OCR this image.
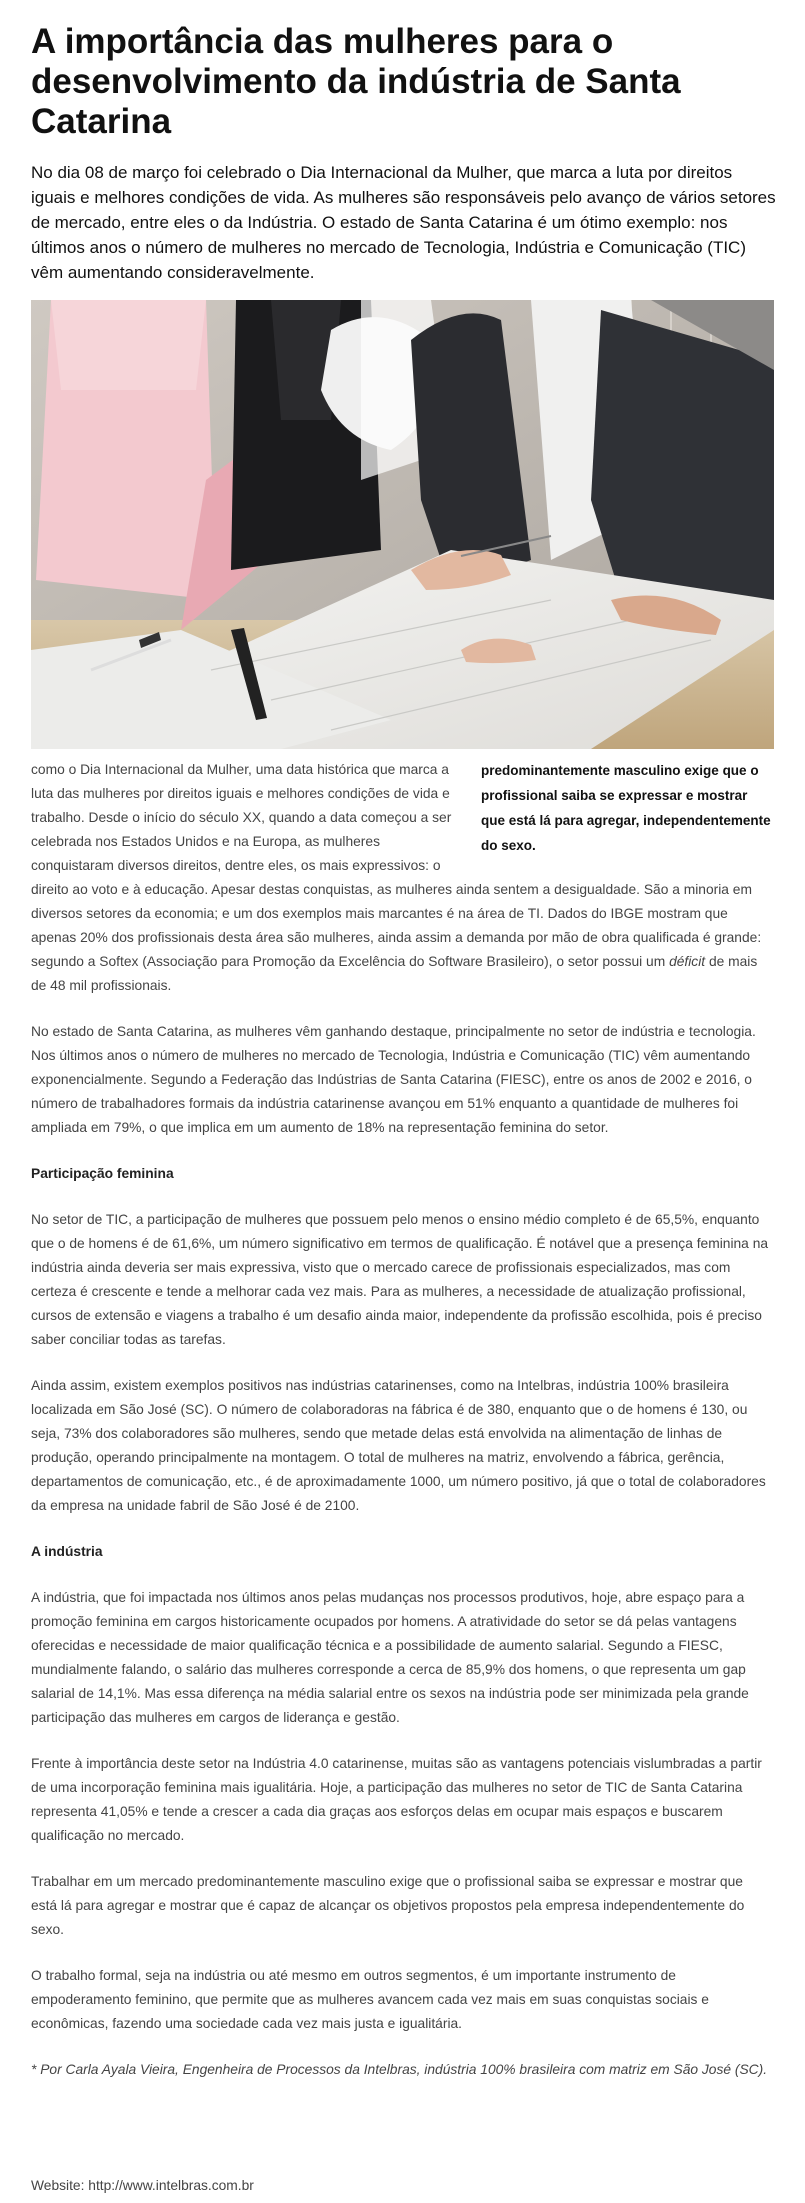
A importância das mulheres para o desenvolvimento da indústria de Santa Catarina

No dia 08 de março foi celebrado o Dia Internacional da Mulher, que marca a luta por direitos iguais e melhores condições de vida. As mulheres são responsáveis pelo avanço de vários setores de mercado, entre eles o da Indústria. O estado de Santa Catarina é um ótimo exemplo: nos últimos anos o número de mulheres no mercado de Tecnologia, Indústria e Comunicação (TIC) vêm aumentando consideravelmente.

predominantemente masculino exige que o profissional saiba se expressar e mostrar que está lá para agregar, independentemente do sexo.

como o Dia Internacional da Mulher, uma data histórica que marca a luta das mulheres por direitos iguais e melhores condições de vida e trabalho. Desde o início do século XX, quando a data começou a ser celebrada nos Estados Unidos e na Europa, as mulheres conquistaram diversos direitos, dentre eles, os mais expressivos: o direito ao voto e à educação. Apesar destas conquistas, as mulheres ainda sentem a desigualdade. São a minoria em diversos setores da economia; e um dos exemplos mais marcantes é na área de TI. Dados do IBGE mostram que apenas 20% dos profissionais desta área são mulheres, ainda assim a demanda por mão de obra qualificada é grande: segundo a Softex (Associação para Promoção da Excelência do Software Brasileiro), o setor possui um déficit de mais de 48 mil profissionais.

No estado de Santa Catarina, as mulheres vêm ganhando destaque, principalmente no setor de indústria e tecnologia. Nos últimos anos o número de mulheres no mercado de Tecnologia, Indústria e Comunicação (TIC) vêm aumentando exponencialmente. Segundo a Federação das Indústrias de Santa Catarina (FIESC), entre os anos de 2002 e 2016, o número de trabalhadores formais da indústria catarinense avançou em 51% enquanto a quantidade de mulheres foi ampliada em 79%, o que implica em um aumento de 18% na representação feminina do setor.

Participação feminina

No setor de TIC, a participação de mulheres que possuem pelo menos o ensino médio completo é de 65,5%, enquanto que o de homens é de 61,6%, um número significativo em termos de qualificação. É notável que a presença feminina na indústria ainda deveria ser mais expressiva, visto que o mercado carece de profissionais especializados, mas com certeza é crescente e tende a melhorar cada vez mais. Para as mulheres, a necessidade de atualização profissional, cursos de extensão e viagens a trabalho é um desafio ainda maior, independente da profissão escolhida, pois é preciso saber conciliar todas as tarefas.

Ainda assim, existem exemplos positivos nas indústrias catarinenses, como na Intelbras, indústria 100% brasileira localizada em São José (SC). O número de colaboradoras na fábrica é de 380, enquanto que o de homens é 130, ou seja, 73% dos colaboradores são mulheres, sendo que metade delas está envolvida na alimentação de linhas de produção, operando principalmente na montagem. O total de mulheres na matriz, envolvendo a fábrica, gerência, departamentos de comunicação, etc., é de aproximadamente 1000, um número positivo, já que o total de colaboradores da empresa na unidade fabril de São José é de 2100.

A indústria

A indústria, que foi impactada nos últimos anos pelas mudanças nos processos produtivos, hoje, abre espaço para a promoção feminina em cargos historicamente ocupados por homens. A atratividade do setor se dá pelas vantagens oferecidas e necessidade de maior qualificação técnica e a possibilidade de aumento salarial. Segundo a FIESC, mundialmente falando, o salário das mulheres corresponde a cerca de 85,9% dos homens, o que representa um gap salarial de 14,1%. Mas essa diferença na média salarial entre os sexos na indústria pode ser minimizada pela grande participação das mulheres em cargos de liderança e gestão.

Frente à importância deste setor na Indústria 4.0 catarinense, muitas são as vantagens potenciais vislumbradas a partir de uma incorporação feminina mais igualitária. Hoje, a participação das mulheres no setor de TIC de Santa Catarina representa 41,05% e tende a crescer a cada dia graças aos esforços delas em ocupar mais espaços e buscarem qualificação no mercado.

Trabalhar em um mercado predominantemente masculino exige que o profissional saiba se expressar e mostrar que está lá para agregar e mostrar que é capaz de alcançar os objetivos propostos pela empresa independentemente do sexo.

O trabalho formal, seja na indústria ou até mesmo em outros segmentos, é um importante instrumento de empoderamento feminino, que permite que as mulheres avancem cada vez mais em suas conquistas sociais e econômicas, fazendo uma sociedade cada vez mais justa e igualitária.

* Por Carla Ayala Vieira, Engenheira de Processos da Intelbras, indústria 100% brasileira com matriz em São José (SC).

Website: http://www.intelbras.com.br
